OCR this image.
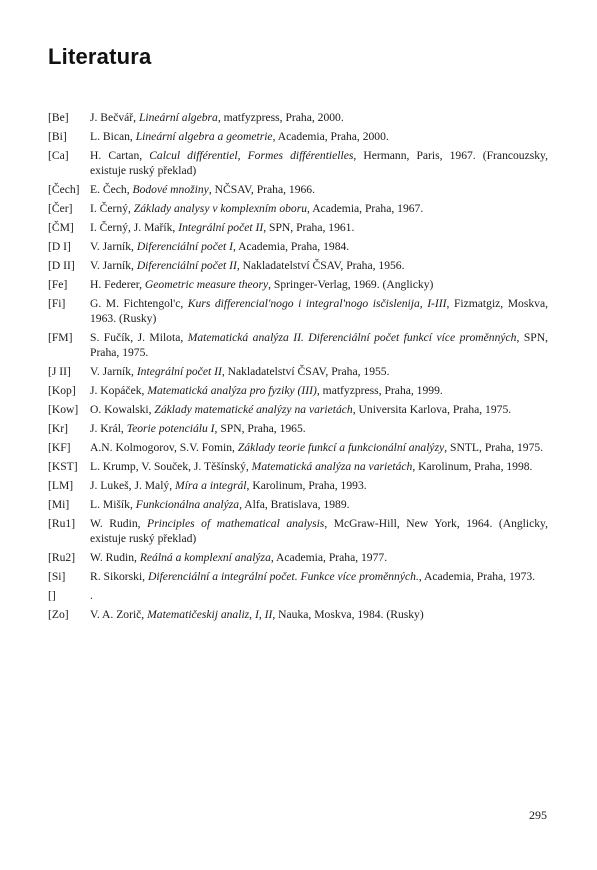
Literatura
[Be]	J. Bečvář, Lineární algebra, matfyzpress, Praha, 2000.
[Bi]	L. Bican, Lineární algebra a geometrie, Academia, Praha, 2000.
[Ca]	H. Cartan, Calcul différentiel, Formes différentielles, Hermann, Paris, 1967. (Francouzsky, existuje ruský překlad)
[Čech] E. Čech, Bodové množiny, NČSAV, Praha, 1966.
[Čer]	I. Černý, Základy analysy v komplexním oboru, Academia, Praha, 1967.
[ČM]	I. Černý, J. Mařík, Integrální počet II, SPN, Praha, 1961.
[D I]	V. Jarník, Diferenciální počet I, Academia, Praha, 1984.
[D II]	V. Jarník, Diferenciální počet II, Nakladatelství ČSAV, Praha, 1956.
[Fe]	H. Federer, Geometric measure theory, Springer-Verlag, 1969. (Anglicky)
[Fi]	G. M. Fichtengol'c, Kurs differencial'nogo i integral'nogo isčislenija, I-III, Fizmatgiz, Moskva, 1963. (Rusky)
[FM]	S. Fučík, J. Milota, Matematická analýza II. Diferenciální počet funkcí více proměnných, SPN, Praha, 1975.
[J II]	V. Jarník, Integrální počet II, Nakladatelství ČSAV, Praha, 1955.
[Kop]	J. Kopáček, Matematická analýza pro fyziky (III), matfyzpress, Praha, 1999.
[Kow]	O. Kowalski, Základy matematické analýzy na varietách, Universita Karlova, Praha, 1975.
[Kr]	J. Král, Teorie potenciálu I, SPN, Praha, 1965.
[KF]	A.N. Kolmogorov, S.V. Fomin, Základy teorie funkcí a funkcionální analýzy, SNTL, Praha, 1975.
[KST]	L. Krump, V. Souček, J. Těšínský, Matematická analýza na varietách, Karolinum, Praha, 1998.
[LM]	J. Lukeš, J. Malý, Míra a integrál, Karolinum, Praha, 1993.
[Mi]	L. Mišík, Funkcionálna analýza, Alfa, Bratislava, 1989.
[Ru1]	W. Rudin, Principles of mathematical analysis, McGraw-Hill, New York, 1964. (Anglicky, existuje ruský překlad)
[Ru2]	W. Rudin, Reálná a komplexní analýza, Academia, Praha, 1977.
[Si]	R. Sikorski, Diferenciální a integrální počet. Funkce více proměnných., Academia, Praha, 1973.
[]	.
[Zo]	V. A. Zorič, Matematičeskij analiz, I, II, Nauka, Moskva, 1984. (Rusky)
295
